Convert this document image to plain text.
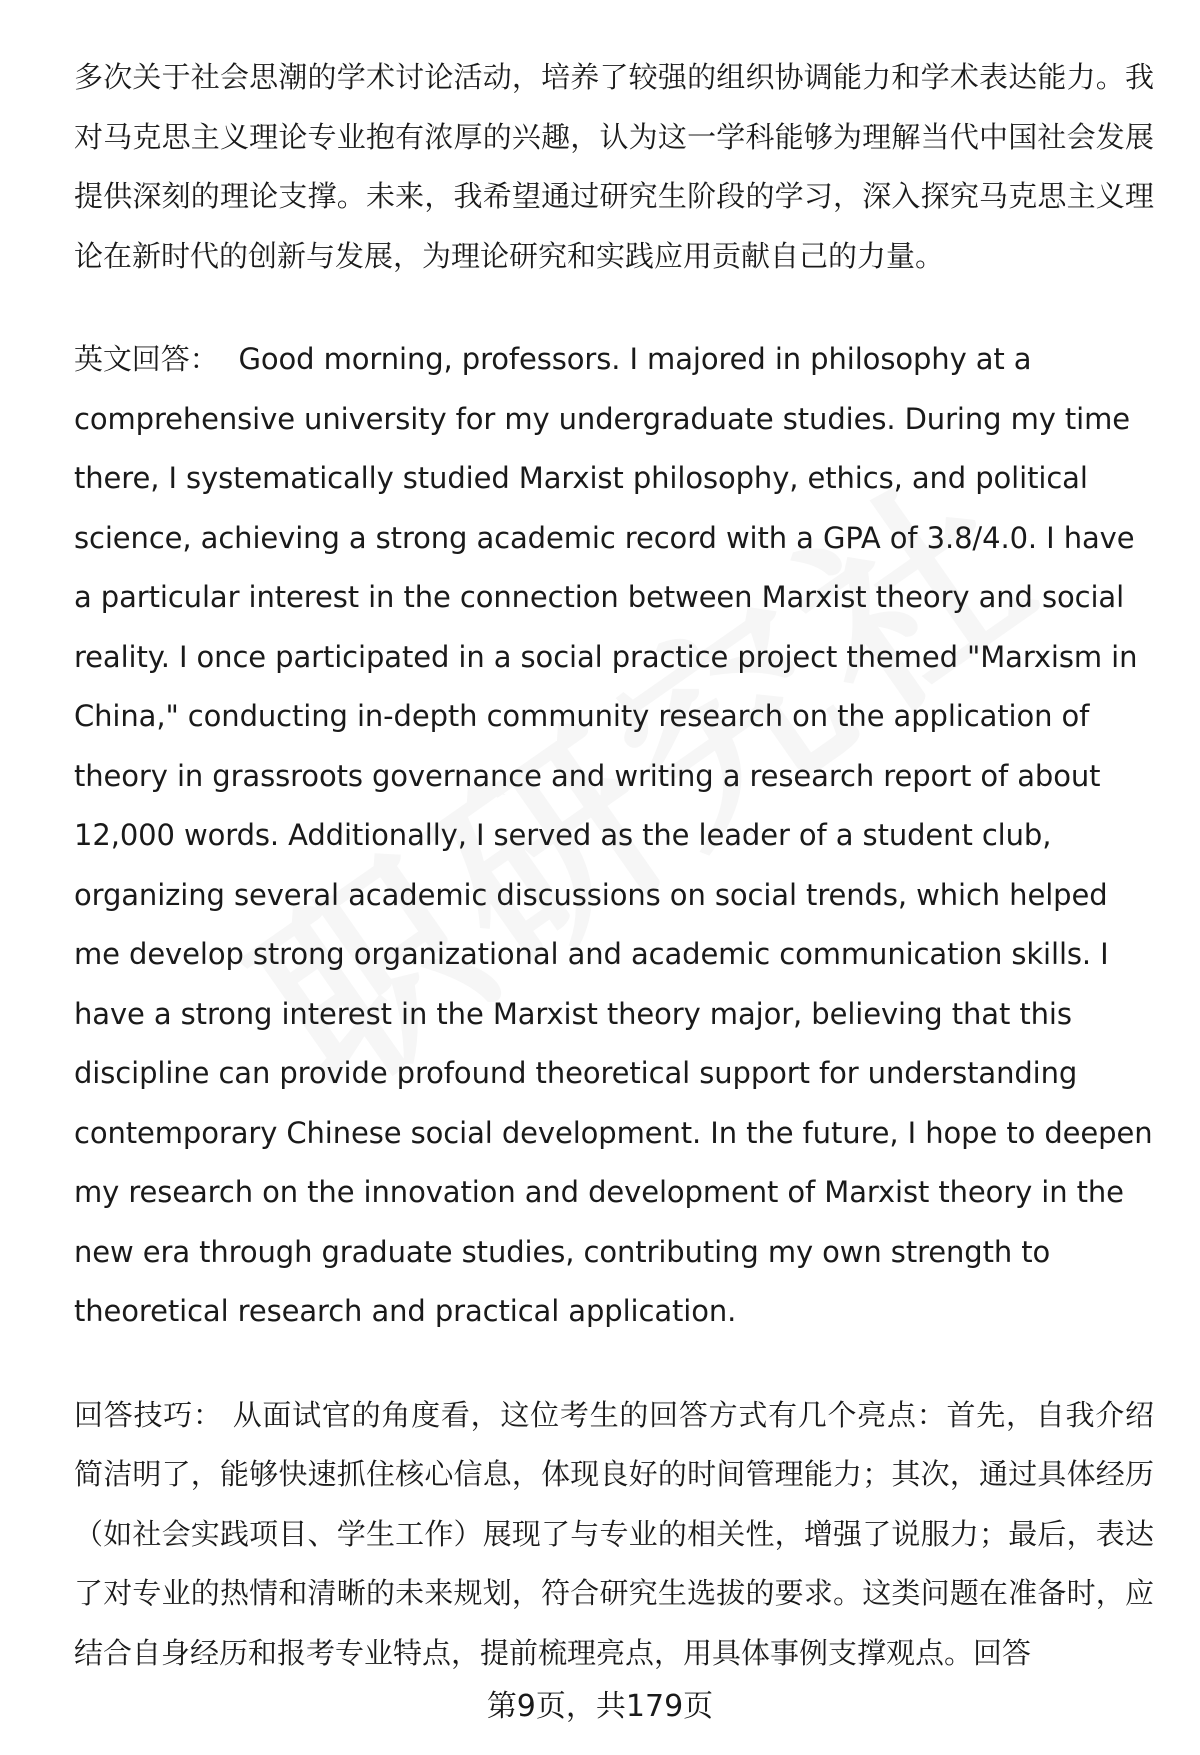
多次关于社会思潮的学术讨论活动，培养了较强的组织协调能力和学术表达能力。我对马克思主义理论专业抱有浓厚的兴趣，认为这一学科能够为理解当代中国社会发展提供深刻的理论支撑。未来，我希望通过研究生阶段的学习，深入探究马克思主义理论在新时代的创新与发展，为理论研究和实践应用贡献自己的力量。

英文回答： Good morning, professors. I majored in philosophy at a comprehensive university for my undergraduate studies. During my time there, I systematically studied Marxist philosophy, ethics, and political science, achieving a strong academic record with a GPA of 3.8/4.0. I have a particular interest in the connection between Marxist theory and social reality. I once participated in a social practice project themed "Marxism in China," conducting in-depth community research on the application of theory in grassroots governance and writing a research report of about 12,000 words. Additionally, I served as the leader of a student club, organizing several academic discussions on social trends, which helped me develop strong organizational and academic communication skills. I have a strong interest in the Marxist theory major, believing that this discipline can provide profound theoretical support for understanding contemporary Chinese social development. In the future, I hope to deepen my research on the innovation and development of Marxist theory in the new era through graduate studies, contributing my own strength to theoretical research and practical application.

回答技巧： 从面试官的角度看，这位考生的回答方式有几个亮点：首先，自我介绍简洁明了，能够快速抓住核心信息，体现良好的时间管理能力；其次，通过具体经历（如社会实践项目、学生工作）展现了与专业的相关性，增强了说服力；最后，表达了对专业的热情和清晰的未来规划，符合研究生选拔的要求。这类问题在准备时，应结合自身经历和报考专业特点，提前梳理亮点，用具体事例支撑观点。回答

第9页，共179页
